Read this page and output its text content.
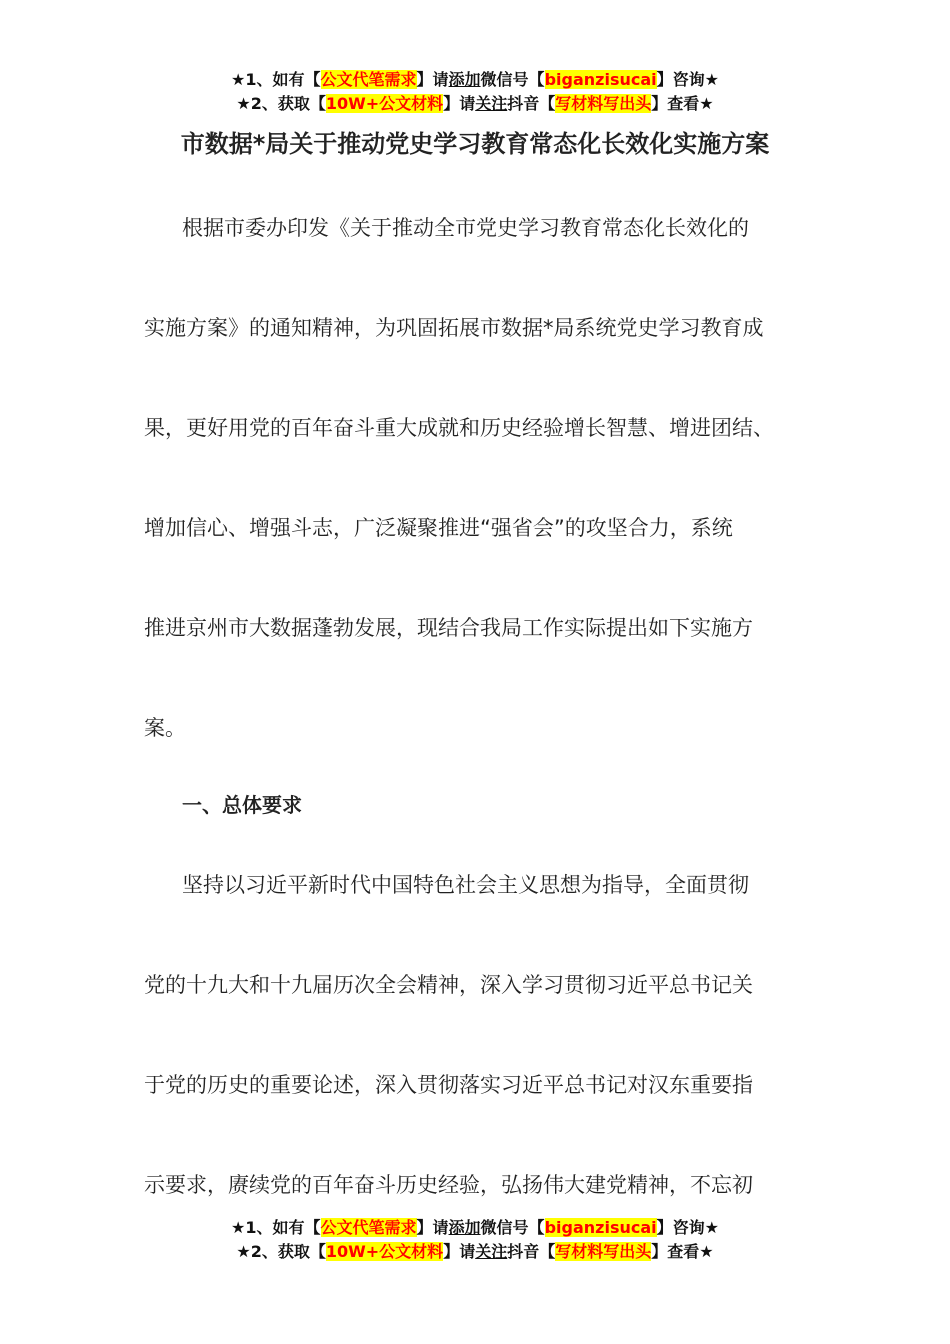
★1、如有【公文代笔需求】请添加微信号【biganzisucai】咨询★
★2、获取【10W+公文材料】请关注抖音【写材料写出头】查看★
市数据*局关于推动党史学习教育常态化长效化实施方案
根据市委办印发《关于推动全市党史学习教育常态化长效化的
实施方案》的通知精神，为巩固拓展市数据*局系统党史学习教育成
果，更好用党的百年奋斗重大成就和历史经验增长智慧、增进团结、
增加信心、增强斗志，广泛凝聚推进“强省会”的攻坚合力，系统
推进京州市大数据蓬勃发展，现结合我局工作实际提出如下实施方
案。
一、总体要求
坚持以习近平新时代中国特色社会主义思想为指导，全面贯彻
党的十九大和十九届历次全会精神，深入学习贯彻习近平总书记关
于党的历史的重要论述，深入贯彻落实习近平总书记对汉东重要指
示要求，赓续党的百年奋斗历史经验，弘扬伟大建党精神，不忘初
★1、如有【公文代笔需求】请添加微信号【biganzisucai】咨询★
★2、获取【10W+公文材料】请关注抖音【写材料写出头】查看★
